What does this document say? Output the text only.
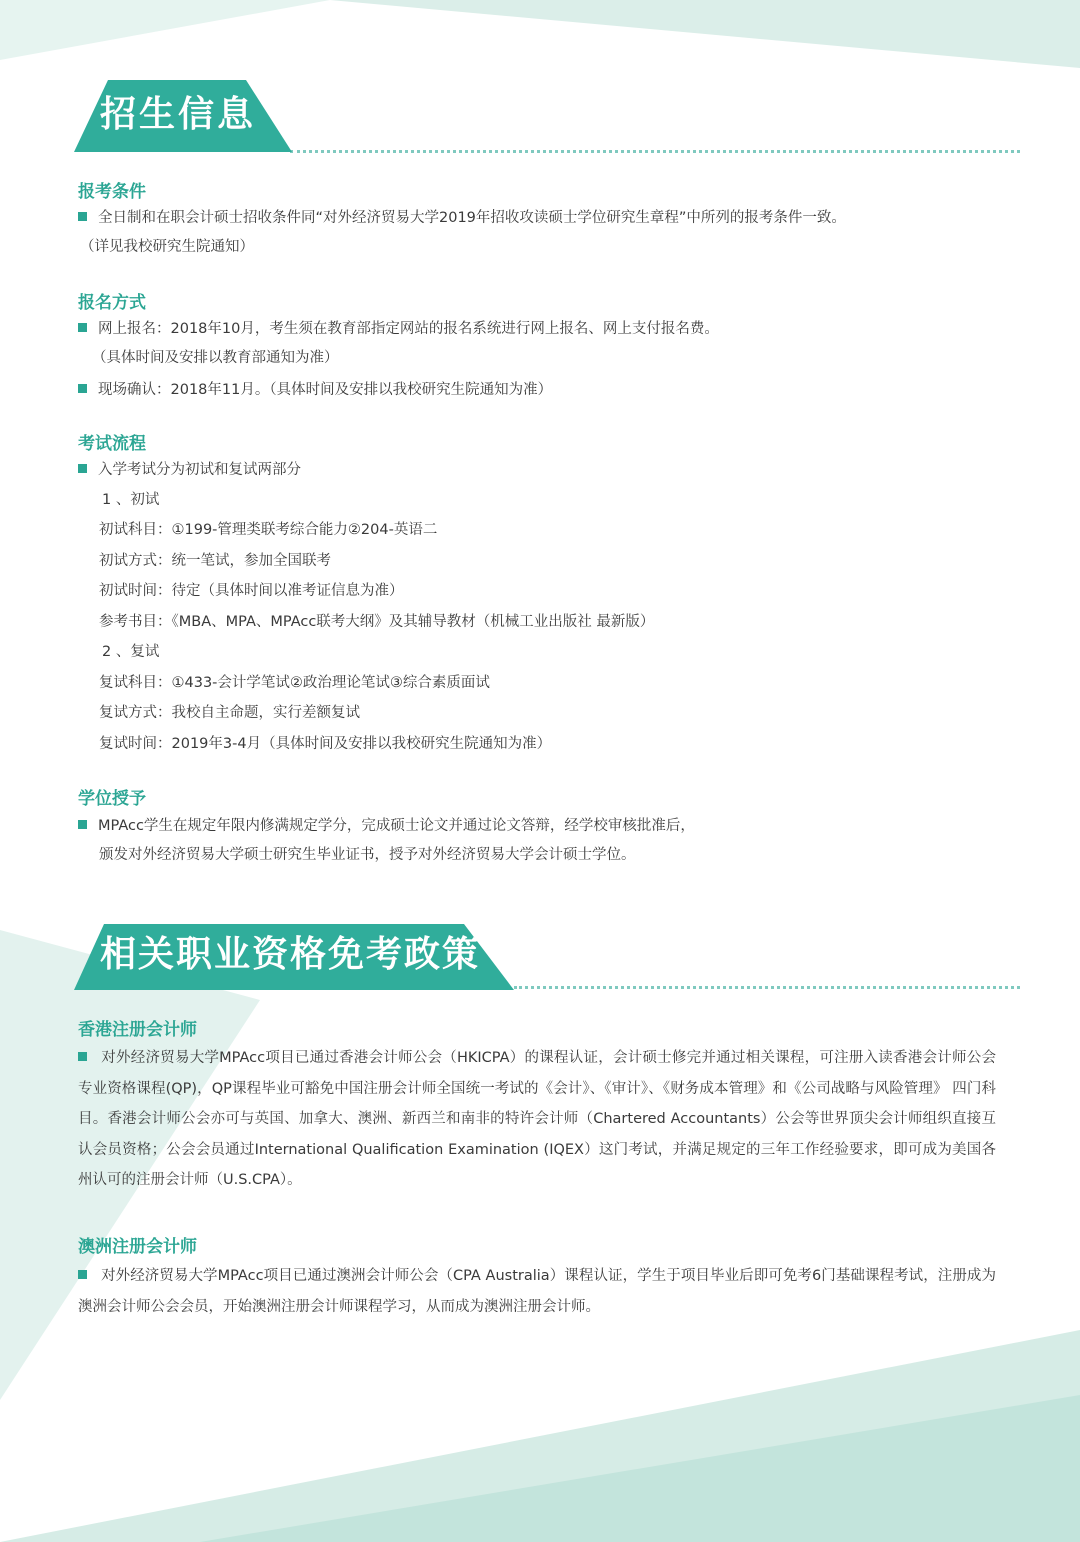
招生信息
报考条件
全日制和在职会计硕士招收条件同“对外经济贸易大学2019年招收攻读硕士学位研究生章程”中所列的报考条件一致。
（详见我校研究生院通知）
报名方式
网上报名：2018年10月，考生须在教育部指定网站的报名系统进行网上报名、网上支付报名费。
（具体时间及安排以教育部通知为准）
现场确认：2018年11月。（具体时间及安排以我校研究生院通知为准）
考试流程
入学考试分为初试和复试两部分
1 、初试
初试科目：①199-管理类联考综合能力②204-英语二
初试方式：统一笔试，参加全国联考
初试时间：待定（具体时间以准考证信息为准）
参考书目：《MBA、MPA、MPAcc联考大纲》及其辅导教材（机械工业出版社 最新版）
2 、复试
复试科目：①433-会计学笔试②政治理论笔试③综合素质面试
复试方式：我校自主命题，实行差额复试
复试时间：2019年3-4月（具体时间及安排以我校研究生院通知为准）
学位授予
MPAcc学生在规定年限内修满规定学分，完成硕士论文并通过论文答辩，经学校审核批准后，
颁发对外经济贸易大学硕士研究生毕业证书，授予对外经济贸易大学会计硕士学位。
相关职业资格免考政策
香港注册会计师
对外经济贸易大学MPAcc项目已通过香港会计师公会（HKICPA）的课程认证，会计硕士修完并通过相关课程，可注册入读香港会计师公会专业资格课程(QP)，QP课程毕业可豁免中国注册会计师全国统一考试的《会计》、《审计》、《财务成本管理》和《公司战略与风险管理》 四门科目。香港会计师公会亦可与英国、加拿大、澳洲、新西兰和南非的特许会计师（Chartered Accountants）公会等世界顶尖会计师组织直接互认会员资格；公会会员通过International Qualification Examination (IQEX）这门考试，并满足规定的三年工作经验要求，即可成为美国各州认可的注册会计师（U.S.CPA）。
澳洲注册会计师
对外经济贸易大学MPAcc项目已通过澳洲会计师公会（CPA Australia）课程认证，学生于项目毕业后即可免考6门基础课程考试，注册成为澳洲会计师公会会员，开始澳洲注册会计师课程学习，从而成为澳洲注册会计师。
